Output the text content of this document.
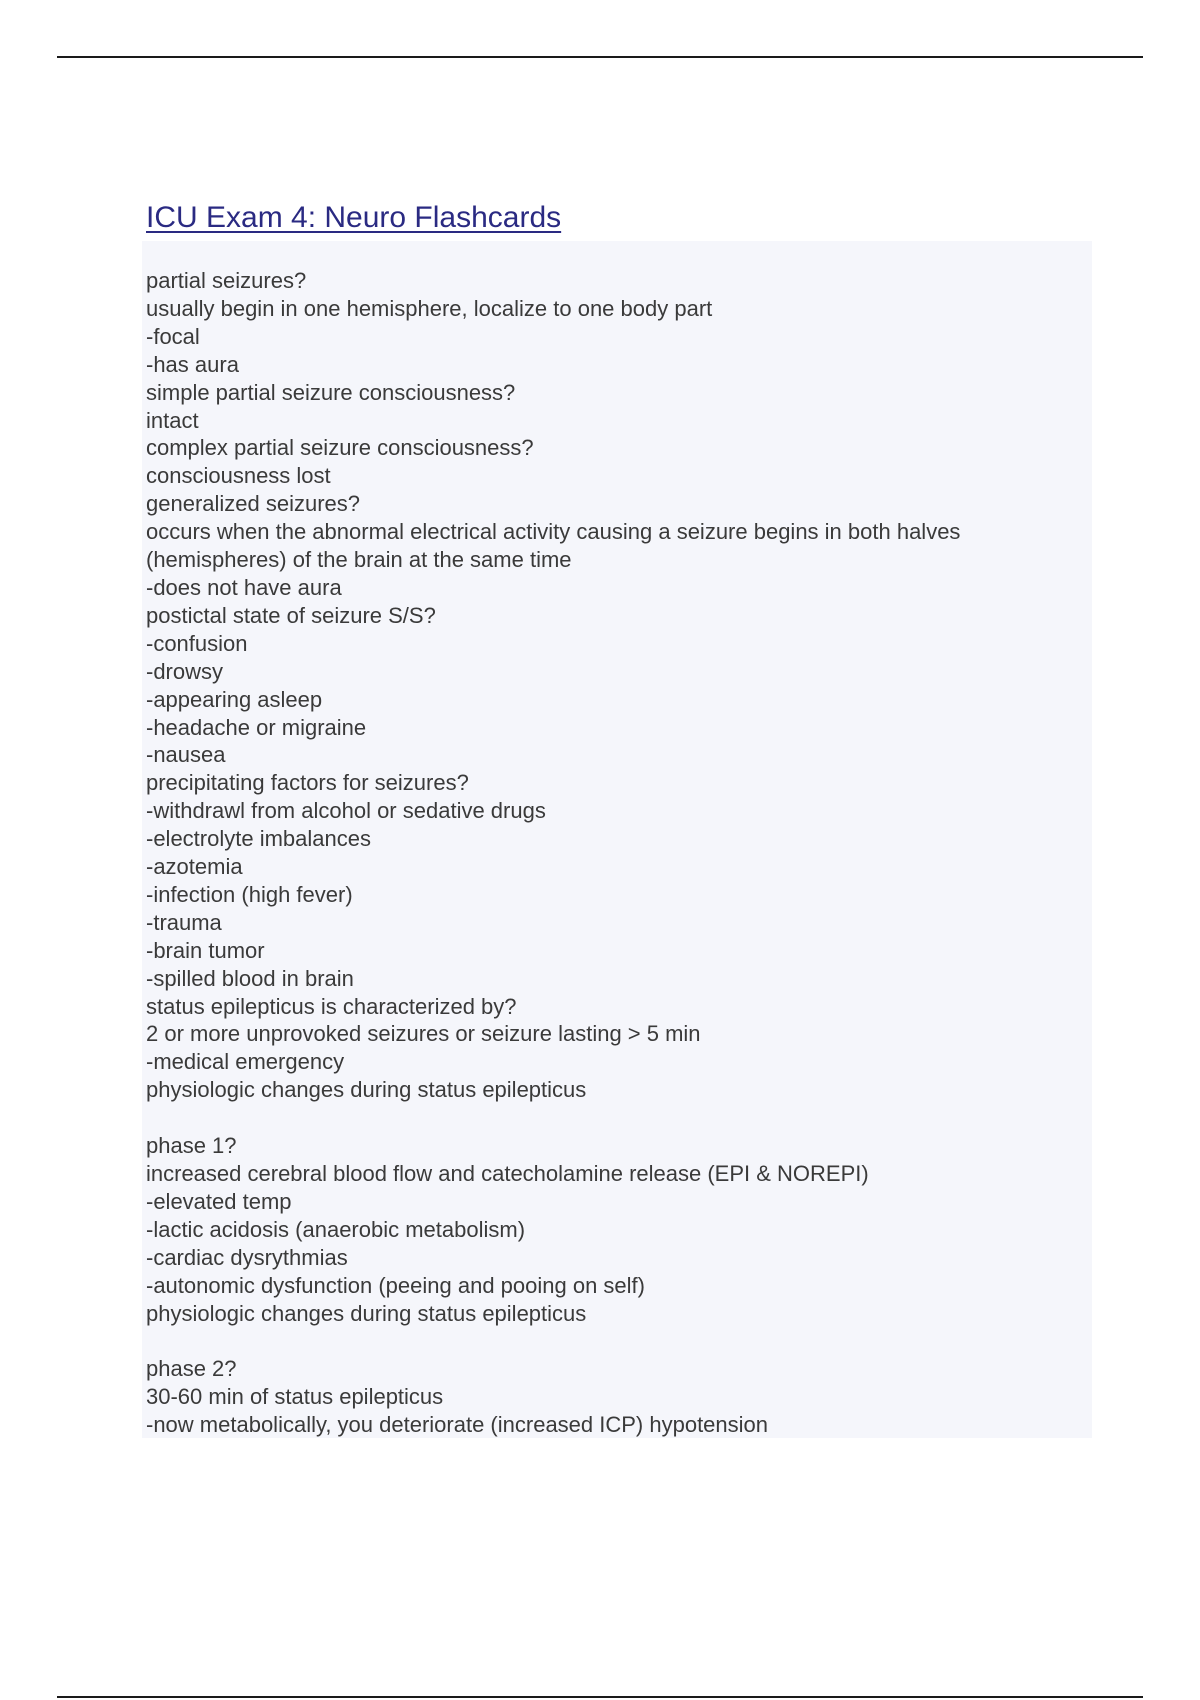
ICU Exam 4: Neuro Flashcards

partial seizures?

usually begin in one hemisphere, localize to one body part

-focal

-has aura

simple partial seizure consciousness?

intact

complex partial seizure consciousness?

consciousness lost

generalized seizures?

occurs when the abnormal electrical activity causing a seizure begins in both halves

(hemispheres) of the brain at the same time

-does not have aura

postictal state of seizure S/S?

-confusion

-drowsy

-appearing asleep

-headache or migraine

-nausea

precipitating factors for seizures?

-withdrawl from alcohol or sedative drugs

-electrolyte imbalances

-azotemia

-infection (high fever)

-trauma

-brain tumor

-spilled blood in brain

status epilepticus is characterized by?

2 or more unprovoked seizures or seizure lasting > 5 min

-medical emergency

physiologic changes during status epilepticus

phase 1?

increased cerebral blood flow and catecholamine release (EPI & NOREPI)

-elevated temp

-lactic acidosis (anaerobic metabolism)

-cardiac dysrythmias

-autonomic dysfunction (peeing and pooing on self)

physiologic changes during status epilepticus

phase 2?

30-60 min of status epilepticus

-now metabolically, you deteriorate (increased ICP) hypotension
